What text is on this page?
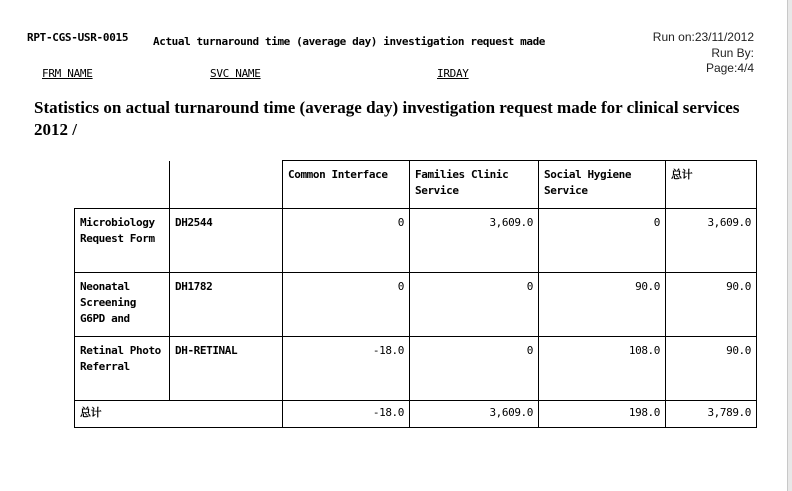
RPT-CGS-USR-0015 Actual turnaround time (average day) investigation request made	Run on:23/11/2012
Run By:
Page:4/4
FRM NAME	SVC NAME	IRDAY
Statistics on actual turnaround time (average day) investigation request made for clinical services 2012 /
		Common Interface	Families Clinic Service	Social Hygiene Service	总计
Microbiology Request Form	DH2544	0	3,609.0	0	3,609.0
Neonatal Screening G6PD and	DH1782	0	0	90.0	90.0
Retinal Photo Referral	DH-RETINAL	-18.0	0	108.0	90.0
总计		-18.0	3,609.0	198.0	3,789.0
